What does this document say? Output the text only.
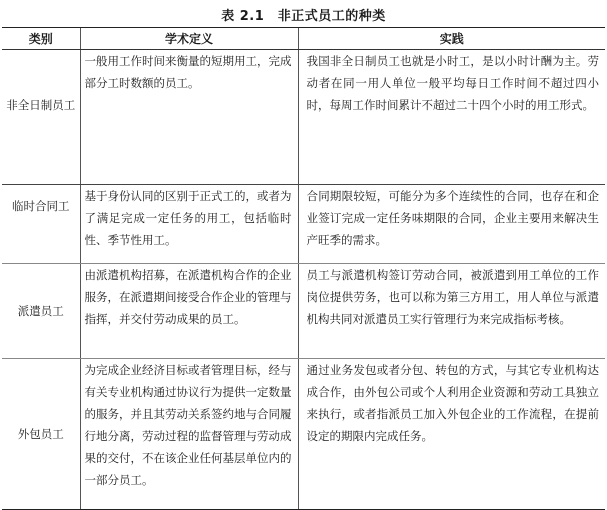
表 2.1　非正式员工的种类
类别	学术定义	实践

非全日制员工	一般用工作时间来衡量的短期用工，完成部分工时数额的员工。	我国非全日制员工也就是小时工，是以小时计酬为主。劳动者在同一用人单位一般平均每日工作时间不超过四小时，每周工作时间累计不超过二十四个小时的用工形式。

临时合同工	基于身份认同的区别于正式工的，或者为了满足完成一定任务的用工，包括临时性、季节性用工。	合同期限较短，可能分为多个连续性的合同，也存在和企业签订完成一定任务味期限的合同，企业主要用来解决生产旺季的需求。

派遣员工	由派遣机构招募，在派遣机构合作的企业服务，在派遣期间接受合作企业的管理与指挥，并交付劳动成果的员工。	员工与派遣机构签订劳动合同，被派遣到用工单位的工作岗位提供劳务，也可以称为第三方用工，用人单位与派遣机构共同对派遣员工实行管理行为来完成指标考核。

外包员工	为完成企业经济目标或者管理目标，经与有关专业机构通过协议行为提供一定数量的服务，并且其劳动关系签约地与合同履行地分离，劳动过程的监督管理与劳动成果的交付，不在该企业任何基层单位内的一部分员工。	通过业务发包或者分包、转包的方式，与其它专业机构达成合作，由外包公司或个人利用企业资源和劳动工具独立来执行，或者指派员工加入外包企业的工作流程，在提前设定的期限内完成任务。
